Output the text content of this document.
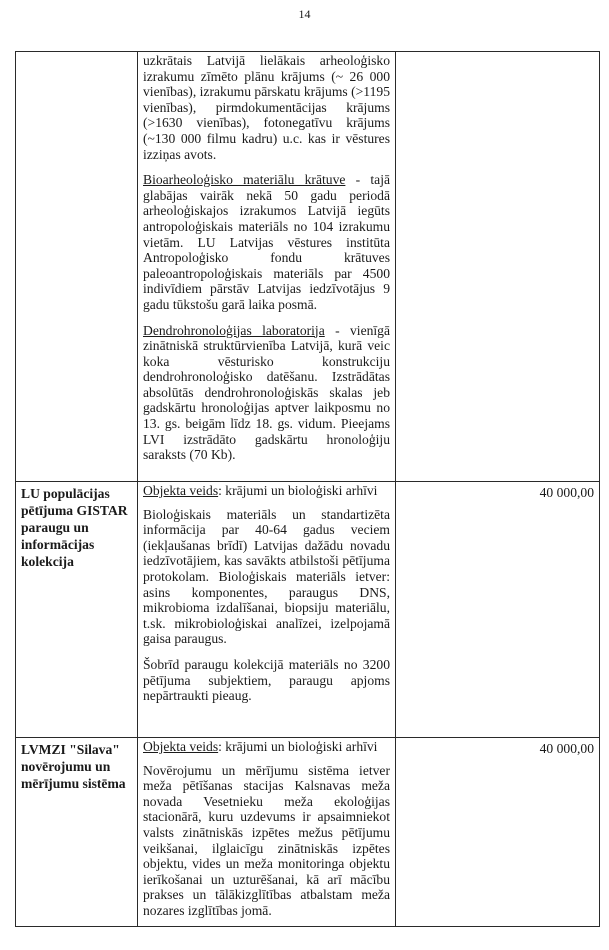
14

	uzkrātais Latvijā lielākais arheoloģisko izrakumu zīmēto plānu krājums (~ 26 000 vienības), izrakumu pārskatu krājums (>1195 vienības), pirmdokumentācijas krājums (>1630 vienības), fotonegatīvu krājums (~130 000 filmu kadru) u.c. kas ir vēstures izziņas avots.

Bioarheoloģisko materiālu krātuve - tajā glabājas vairāk nekā 50 gadu periodā arheoloģiskajos izrakumos Latvijā iegūts antropoloģiskais materiāls no 104 izrakumu vietām. LU Latvijas vēstures institūta Antropoloģisko fondu krātuves paleoantropoloģiskais materiāls par 4500 indivīdiem pārstāv Latvijas iedzīvotājus 9 gadu tūkstošu garā laika posmā.

Dendrohronoloģijas laboratorija - vienīgā zinātniskā struktūrvienība Latvijā, kurā veic koka vēsturisko konstrukciju dendrohronoloģisko datēšanu. Izstrādātas absolūtās dendrohronoloģiskās skalas jeb gadskārtu hronoloģijas aptver laikposmu no 13. gs. beigām līdz 18. gs. vidum. Pieejams LVI izstrādāto gadskārtu hronoloģiju saraksts (70 Kb).	

LU populācijas pētījuma GISTAR paraugu un informācijas kolekcija	Objekta veids: krājumi un bioloģiski arhīvi

Bioloģiskais materiāls un standartizēta informācija par 40-64 gadus veciem (iekļaušanas brīdī) Latvijas dažādu novadu iedzīvotājiem, kas savākts atbilstoši pētījuma protokolam. Bioloģiskais materiāls ietver: asins komponentes, paraugus DNS, mikrobioma izdalīšanai, biopsiju materiālu, t.sk. mikrobioloģiskai analīzei, izelpojamā gaisa paraugus.

Šobrīd paraugu kolekcijā materiāls no 3200 pētījuma subjektiem, paraugu apjoms nepārtraukti pieaug.	40 000,00

LVMZI "Silava" novērojumu un mērījumu sistēma	Objekta veids: krājumi un bioloģiski arhīvi

Novērojumu un mērījumu sistēma ietver meža pētīšanas stacijas Kalsnavas meža novada Vesetnieku meža ekoloģijas stacionārā, kuru uzdevums ir apsaimniekot valsts zinātniskās izpētes mežus pētījumu veikšanai, ilglaicīgu zinātniskās izpētes objektu, vides un meža monitoringa objektu ierīkošanai un uzturēšanai, kā arī mācību prakses un tālākizglītības atbalstam meža nozares izglītības jomā.	40 000,00
